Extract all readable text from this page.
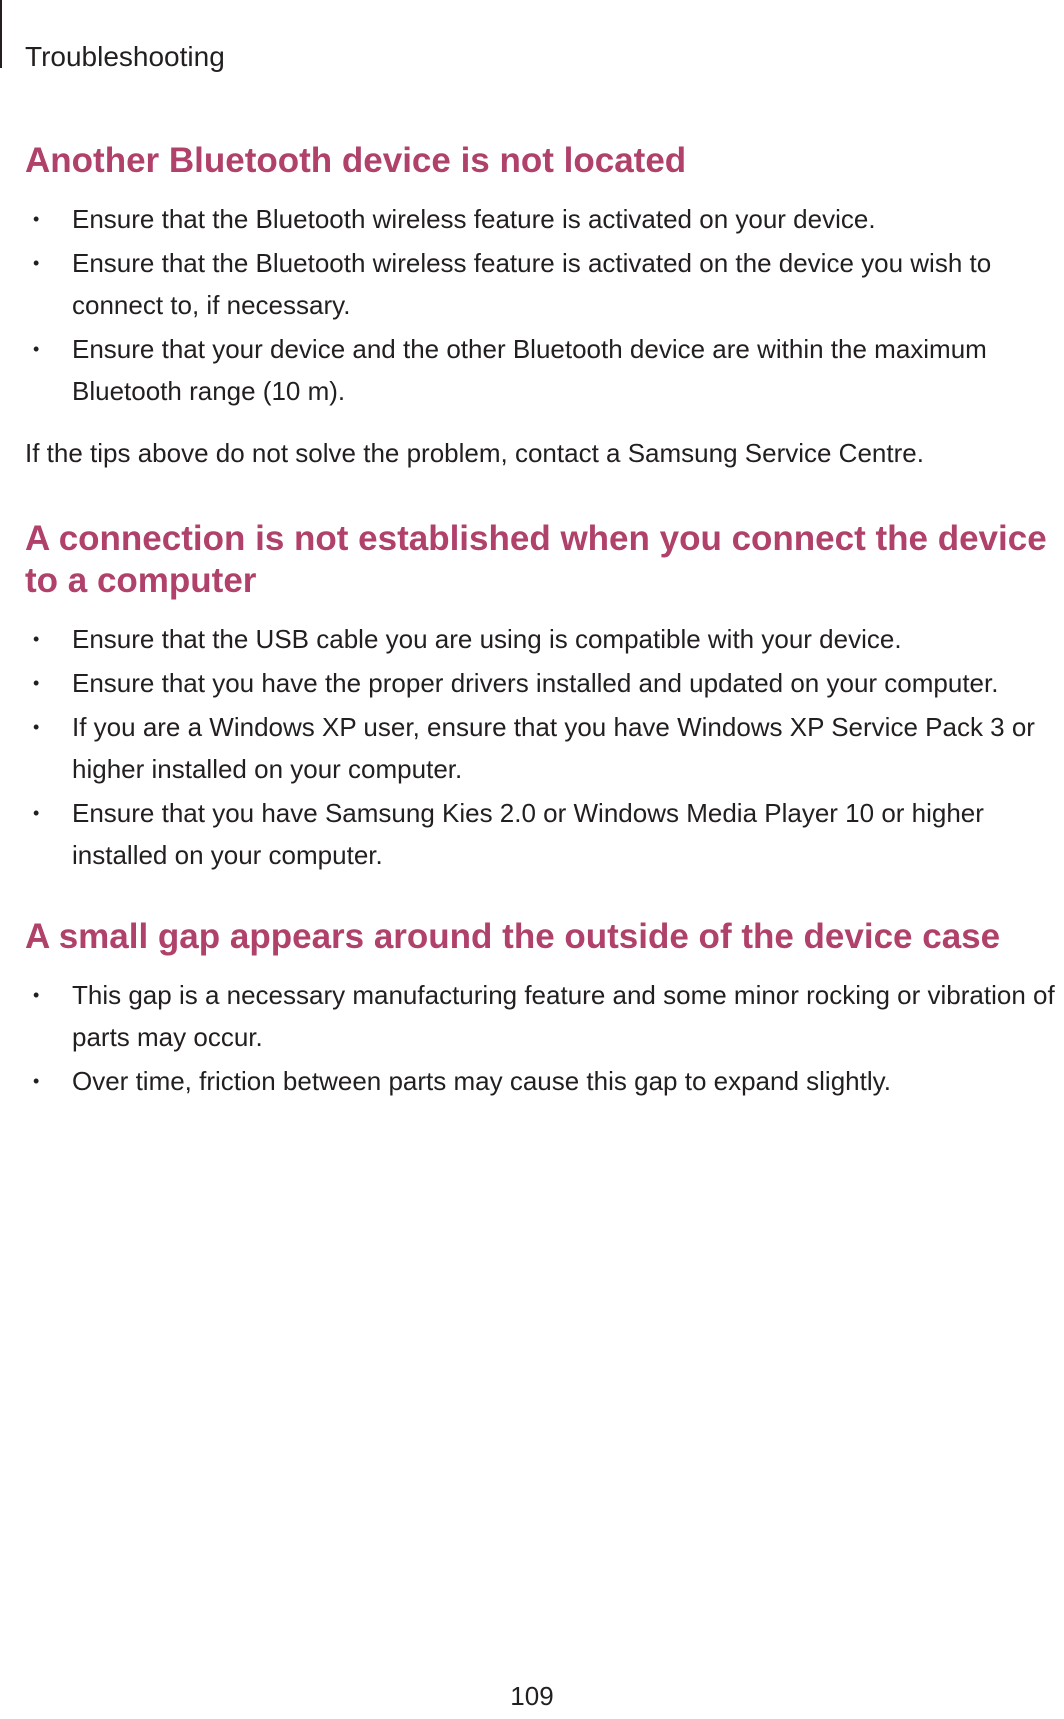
Troubleshooting
Another Bluetooth device is not located
• Ensure that the Bluetooth wireless feature is activated on your device.
• Ensure that the Bluetooth wireless feature is activated on the device you wish to connect to, if necessary.
• Ensure that your device and the other Bluetooth device are within the maximum Bluetooth range (10 m).

If the tips above do not solve the problem, contact a Samsung Service Centre.

A connection is not established when you connect the device to a computer
• Ensure that the USB cable you are using is compatible with your device.
• Ensure that you have the proper drivers installed and updated on your computer.
• If you are a Windows XP user, ensure that you have Windows XP Service Pack 3 or higher installed on your computer.
• Ensure that you have Samsung Kies 2.0 or Windows Media Player 10 or higher installed on your computer.
A small gap appears around the outside of the device case
• This gap is a necessary manufacturing feature and some minor rocking or vibration of parts may occur.
• Over time, friction between parts may cause this gap to expand slightly.
109
